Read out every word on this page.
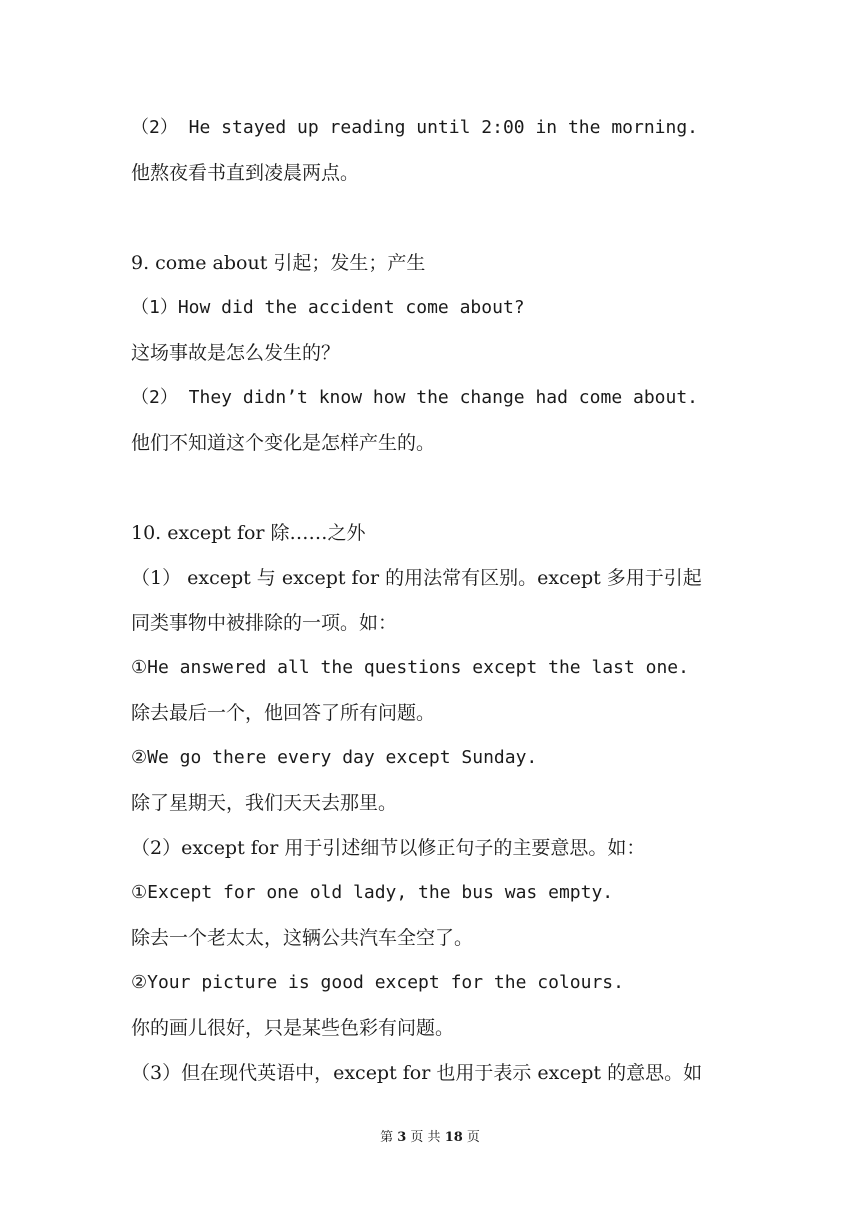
（2） He stayed up reading until 2:00 in the morning.
他熬夜看书直到凌晨两点。
9. come about 引起；发生；产生
（1）How did the accident come about?
这场事故是怎么发生的？
（2） They didn’t know how the change had come about.
他们不知道这个变化是怎样产生的。
10. except for 除……之外
（1） except 与 except for 的用法常有区别。except 多用于引起
同类事物中被排除的一项。如：
①He answered all the questions except the last one.
除去最后一个，他回答了所有问题。
②We go there every day except Sunday.
除了星期天，我们天天去那里。
（2）except for 用于引述细节以修正句子的主要意思。如：
①Except for one old lady, the bus was empty.
除去一个老太太，这辆公共汽车全空了。
②Your picture is good except for the colours.
你的画儿很好，只是某些色彩有问题。
（3）但在现代英语中，except for 也用于表示 except 的意思。如
第 3 页 共 18 页
